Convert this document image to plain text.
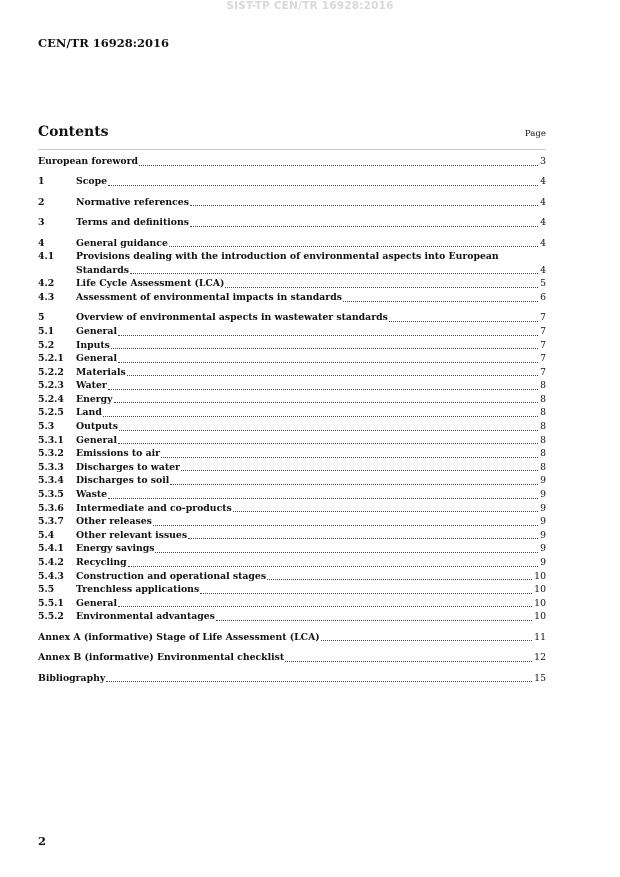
SIST-TP CEN/TR 16928:2016
CEN/TR 16928:2016
Contents	Page
European foreword	3
1	Scope	4
2	Normative references	4
3	Terms and definitions	4
4	General guidance	4
4.1	Provisions dealing with the introduction of environmental aspects into European
Standards	4
4.2	Life Cycle Assessment (LCA)	5
4.3	Assessment of environmental impacts in standards	6
5	Overview of environmental aspects in wastewater standards	7
5.1	General	7
5.2	Inputs	7
5.2.1	General	7
5.2.2	Materials	7
5.2.3	Water	8
5.2.4	Energy	8
5.2.5	Land	8
5.3	Outputs	8
5.3.1	General	8
5.3.2	Emissions to air	8
5.3.3	Discharges to water	8
5.3.4	Discharges to soil	9
5.3.5	Waste	9
5.3.6	Intermediate and co-products	9
5.3.7	Other releases	9
5.4	Other relevant issues	9
5.4.1	Energy savings	9
5.4.2	Recycling	9
5.4.3	Construction and operational stages	10
5.5	Trenchless applications	10
5.5.1	General	10
5.5.2	Environmental advantages	10
Annex A (informative) Stage of Life Assessment (LCA)	11
Annex B (informative) Environmental checklist	12
Bibliography	15
2
